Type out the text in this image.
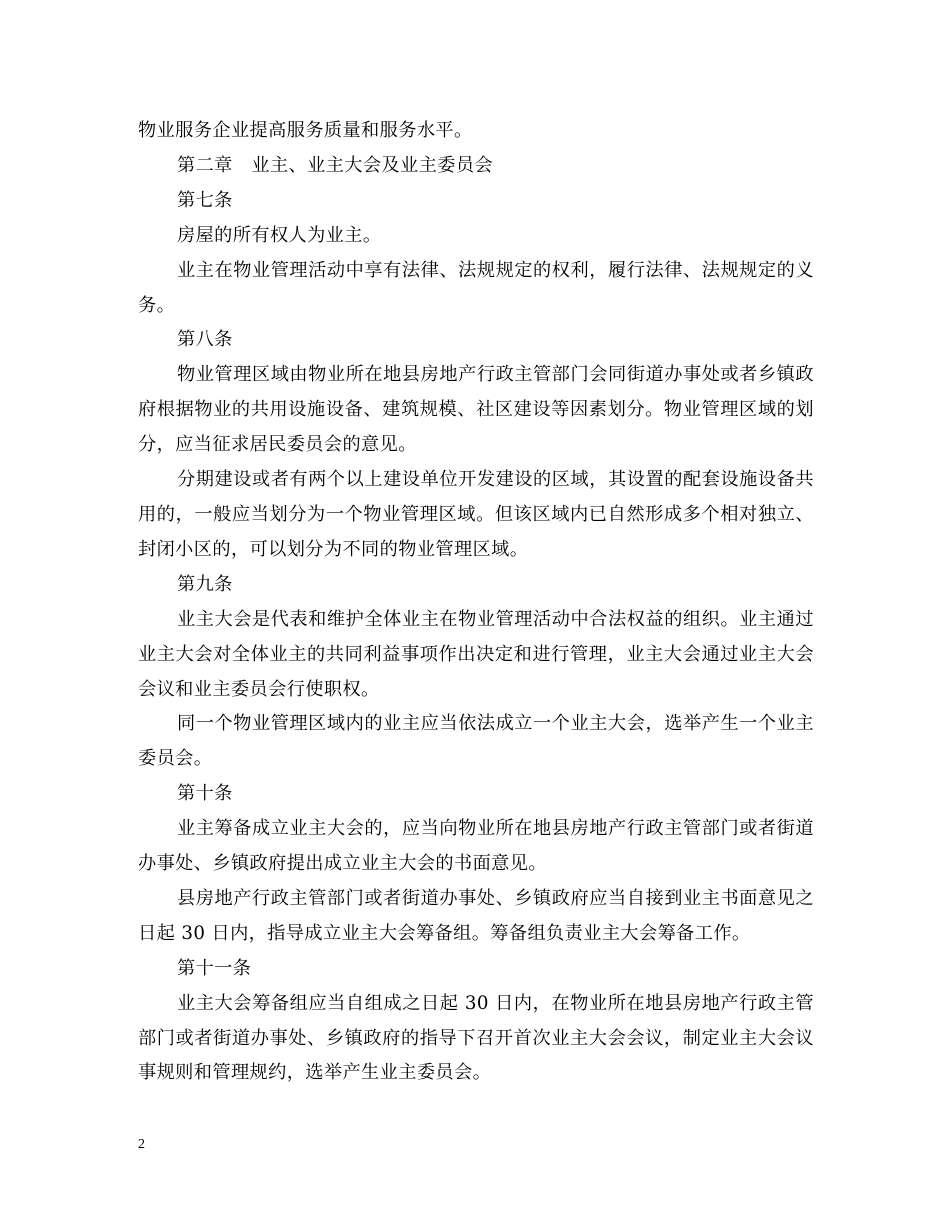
物业服务企业提高服务质量和服务水平。

第二章　业主、业主大会及业主委员会

第七条

房屋的所有权人为业主。

业主在物业管理活动中享有法律、法规规定的权利，履行法律、法规规定的义务。

第八条

物业管理区域由物业所在地县房地产行政主管部门会同街道办事处或者乡镇政府根据物业的共用设施设备、建筑规模、社区建设等因素划分。物业管理区域的划分，应当征求居民委员会的意见。

分期建设或者有两个以上建设单位开发建设的区域，其设置的配套设施设备共用的，一般应当划分为一个物业管理区域。但该区域内已自然形成多个相对独立、封闭小区的，可以划分为不同的物业管理区域。

第九条

业主大会是代表和维护全体业主在物业管理活动中合法权益的组织。业主通过业主大会对全体业主的共同利益事项作出决定和进行管理，业主大会通过业主大会会议和业主委员会行使职权。

同一个物业管理区域内的业主应当依法成立一个业主大会，选举产生一个业主委员会。

第十条

业主筹备成立业主大会的，应当向物业所在地县房地产行政主管部门或者街道办事处、乡镇政府提出成立业主大会的书面意见。

县房地产行政主管部门或者街道办事处、乡镇政府应当自接到业主书面意见之日起 30 日内，指导成立业主大会筹备组。筹备组负责业主大会筹备工作。

第十一条

业主大会筹备组应当自组成之日起 30 日内，在物业所在地县房地产行政主管部门或者街道办事处、乡镇政府的指导下召开首次业主大会会议，制定业主大会议事规则和管理规约，选举产生业主委员会。

2
